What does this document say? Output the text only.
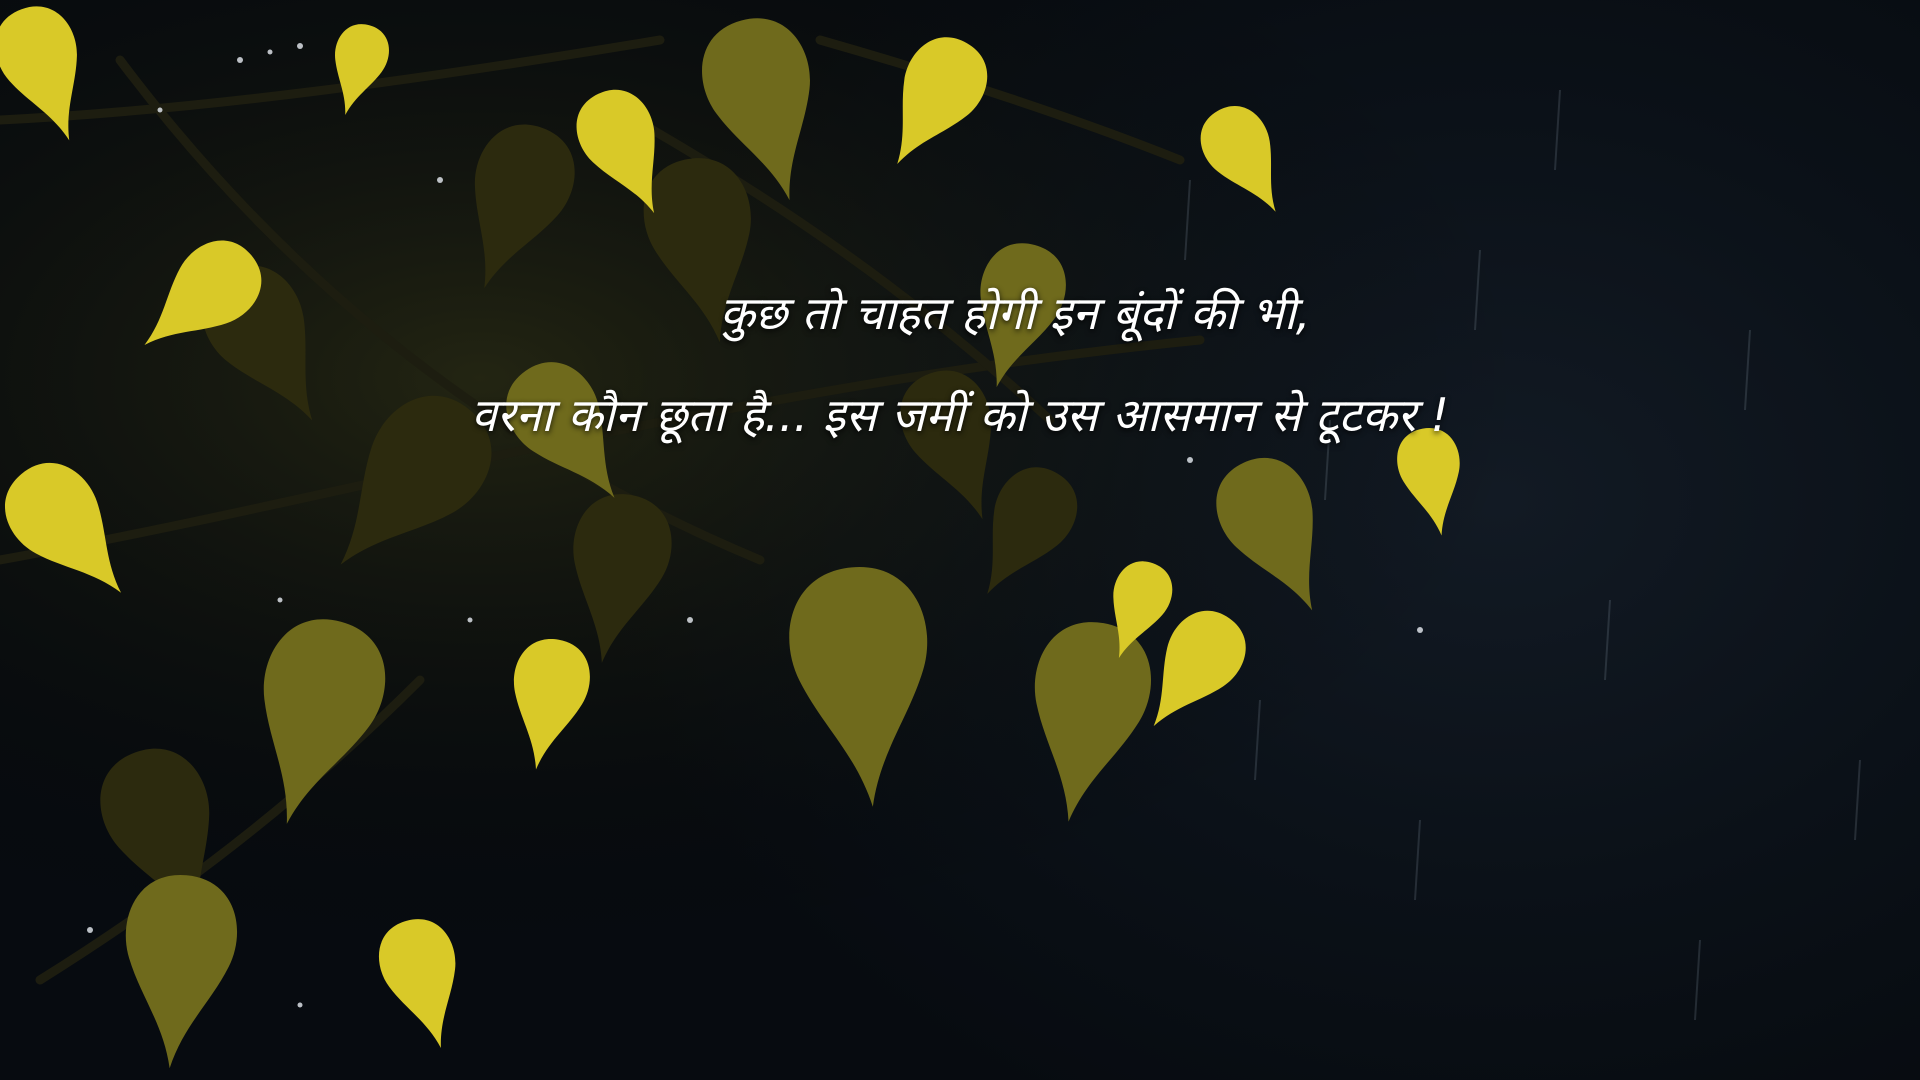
कुछ तो चाहत होगी इन बूंदों की भी,
वरना कौन छूता है... इस जमीं को उस आसमान से टूटकर !
